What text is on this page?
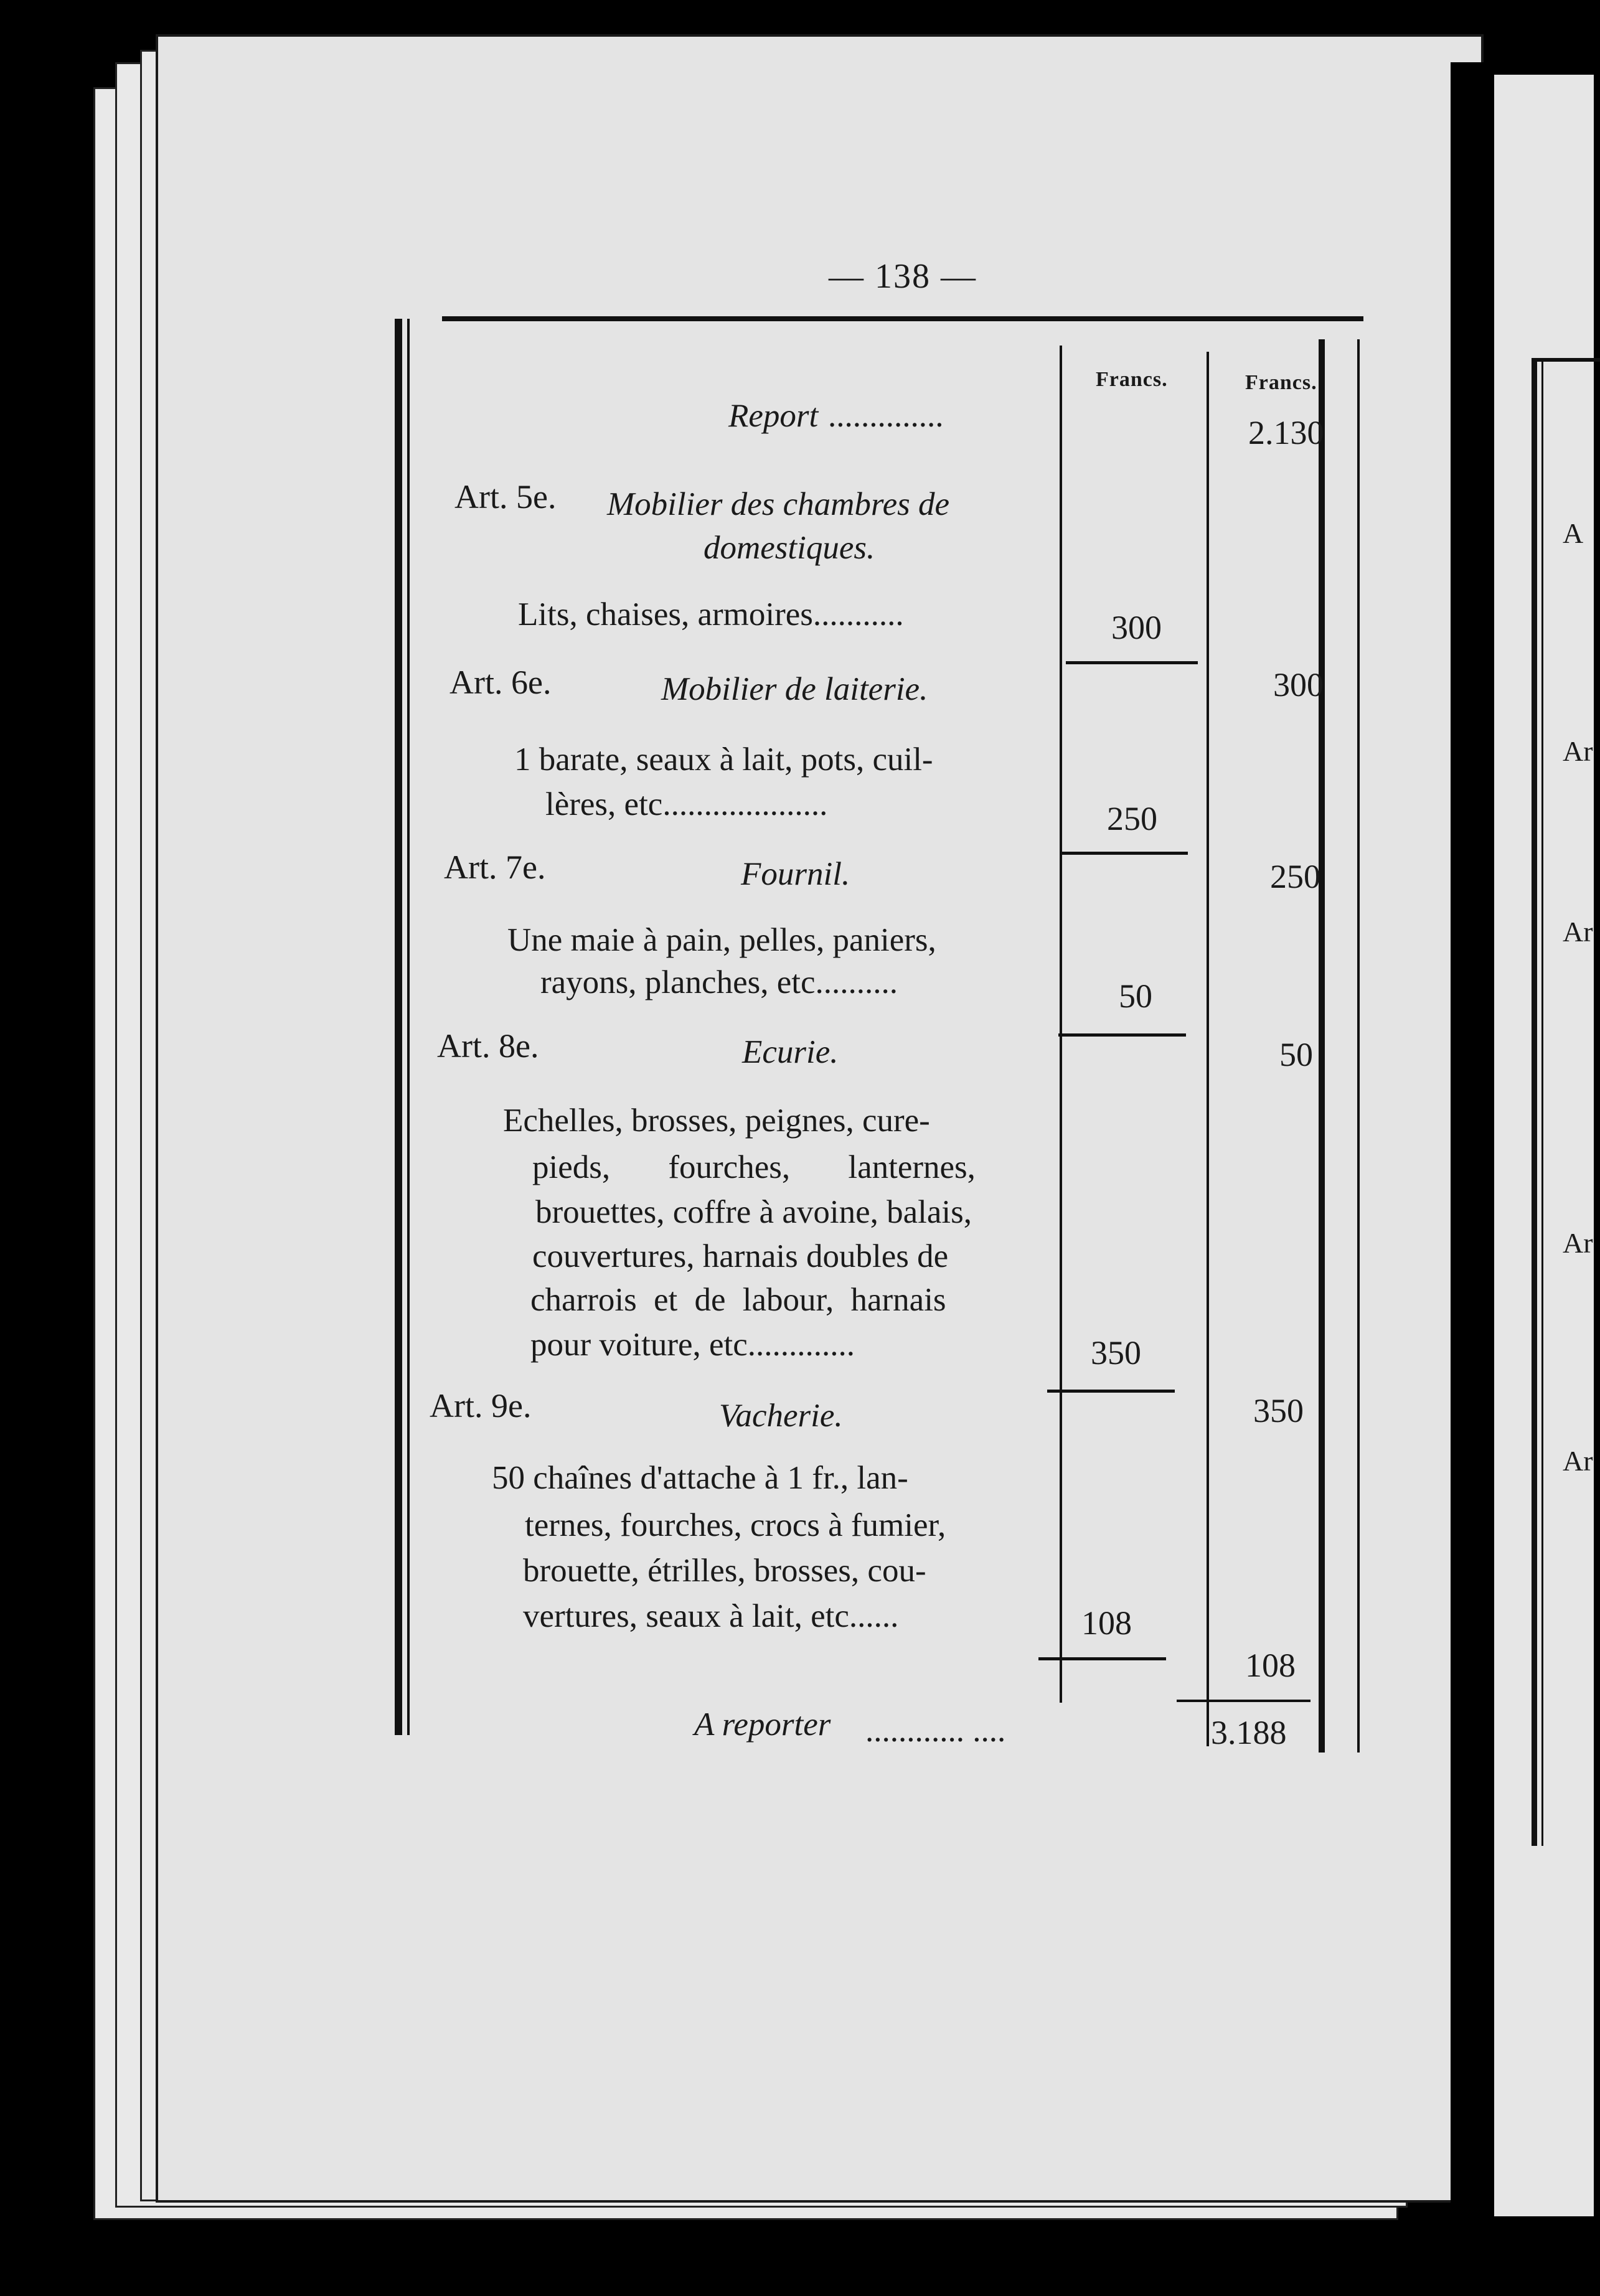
A
Ar
Ar
Ar
Ar
— 138 —
Francs.	Francs.
Report ..............	2.130
Art. 5e. Mobilier des chambres de
domestiques.
Lits, chaises, armoires...........	300
Art. 6e.	Mobilier de laiterie.	300
1 barate, seaux à lait, pots, cuil-
lères, etc....................	250
Art. 7e.	Fournil.	250
Une maie à pain, pelles, paniers,
rayons, planches, etc..........	50
Art. 8e.	Ecurie.	50
Echelles, brosses, peignes, cure-
pieds, fourches, lanternes,
brouettes, coffre à avoine, balais,
couvertures, harnais doubles de
charrois et de labour, harnais
pour voiture, etc.............	350
Art. 9e.	Vacherie.	350
50 chaînes d'attache à 1 fr., lan-
ternes, fourches, crocs à fumier,
brouette, étrilles, brosses, cou-
vertures, seaux à lait, etc......	108
108
A reporter ............ ....	3.188
